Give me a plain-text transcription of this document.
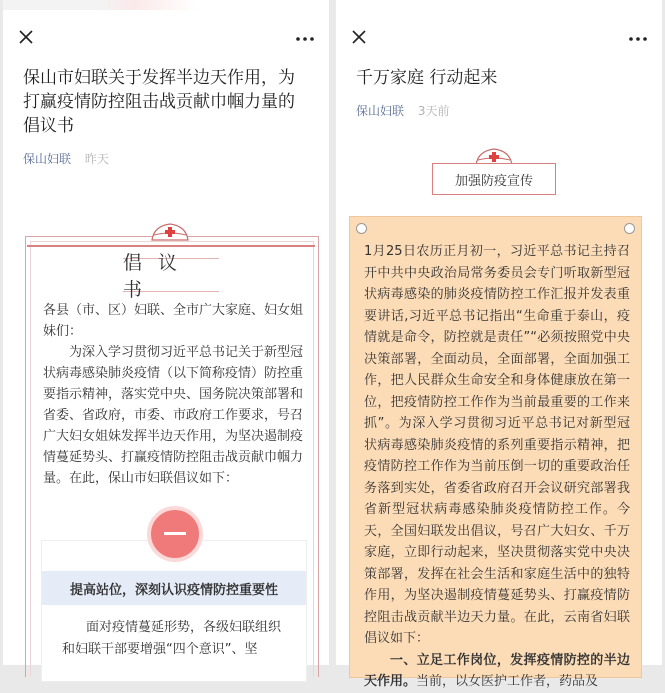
保山市妇联关于发挥半边天作用，为打赢疫情防控阻击战贡献巾帼力量的倡议书
保山妇联 昨天
倡议书

各县（市、区）妇联、全市广大家庭、妇女姐妹们：

为深入学习贯彻习近平总书记关于新型冠状病毒感染肺炎疫情（以下简称疫情）防控重要指示精神，落实党中央、国务院决策部署和省委、省政府，市委、市政府工作要求，号召广大妇女姐妹发挥半边天作用，为坚决遏制疫情蔓延势头、打赢疫情防控阻击战贡献巾帼力量。在此，保山市妇联倡议如下：

提高站位，深刻认识疫情防控重要性

面对疫情蔓延形势，各级妇联组织和妇联干部要增强“四个意识”、坚

千万家庭 行动起来
保山妇联 3天前
加强防疫宣传

1月25日农历正月初一，习近平总书记主持召开中共中央政治局常务委员会专门听取新型冠状病毒感染的肺炎疫情防控工作汇报并发表重要讲话,习近平总书记指出“生命重于泰山，疫情就是命令，防控就是责任”“必须按照党中央决策部署，全面动员，全面部署，全面加强工作，把人民群众生命安全和身体健康放在第一位，把疫情防控工作作为当前最重要的工作来抓”。为深入学习贯彻习近平总书记对新型冠状病毒感染肺炎疫情的系列重要指示精神，把疫情防控工作作为当前压倒一切的重要政治任务落到实处，省委省政府召开会议研究部署我省新型冠状病毒感染肺炎疫情防控工作。今天，全国妇联发出倡议，号召广大妇女、千万家庭，立即行动起来，坚决贯彻落实党中央决策部署，发挥在社会生活和家庭生活中的独特作用，为坚决遏制疫情蔓延势头、打赢疫情防控阻击战贡献半边天力量。在此，云南省妇联倡议如下：

一、立足工作岗位，发挥疫情防控的半边天作用。当前，以女医护工作者，药品及
